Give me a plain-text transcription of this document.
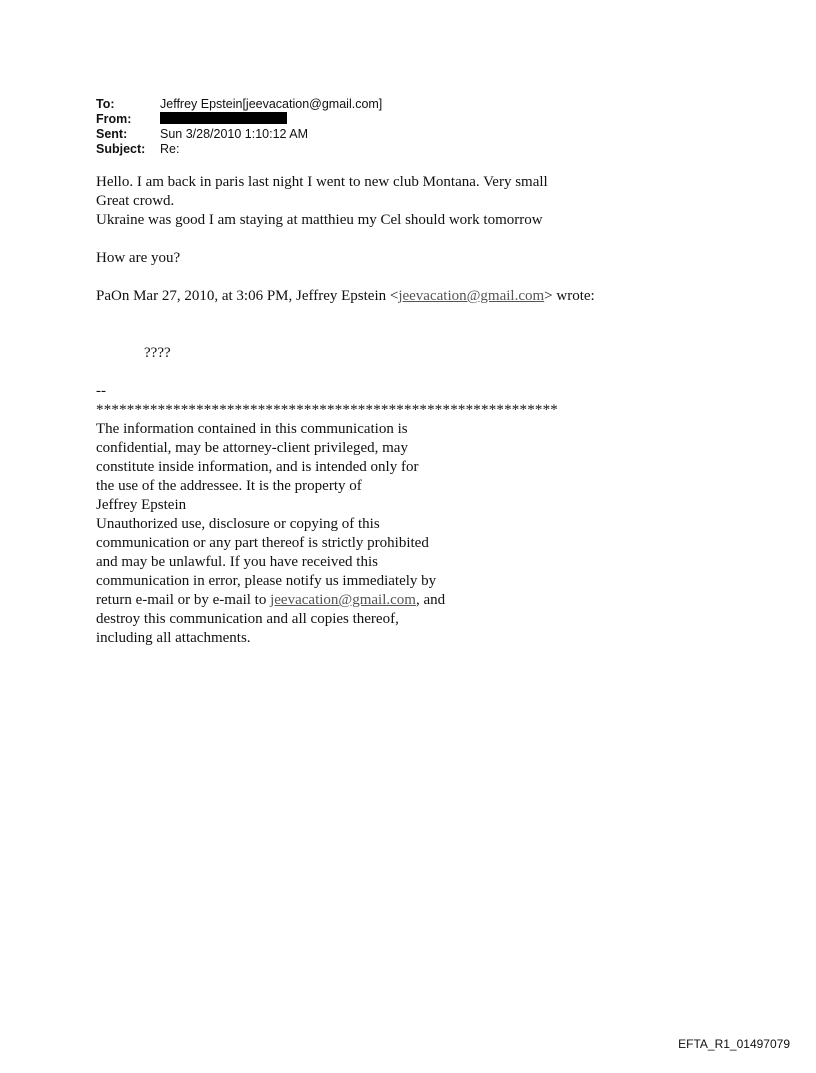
To:	Jeffrey Epstein[jeevacation@gmail.com]
From:
Sent:	Sun 3/28/2010 1:10:12 AM
Subject:	Re:

Hello. I am back in paris last night I went to new club Montana. Very small

Great crowd.

Ukraine was good I am staying at matthieu my Cel should work tomorrow

How are you?

PaOn Mar 27, 2010, at 3:06 PM, Jeffrey Epstein <jeevacation@gmail.com> wrote:

????

--

************************************************************

The information contained in this communication is

confidential, may be attorney-client privileged, may

constitute inside information, and is intended only for

the use of the addressee. It is the property of

Jeffrey Epstein

Unauthorized use, disclosure or copying of this

communication or any part thereof is strictly prohibited

and may be unlawful. If you have received this

communication in error, please notify us immediately by

return e-mail or by e-mail to jeevacation@gmail.com, and

destroy this communication and all copies thereof,

including all attachments.

EFTA_R1_01497079
